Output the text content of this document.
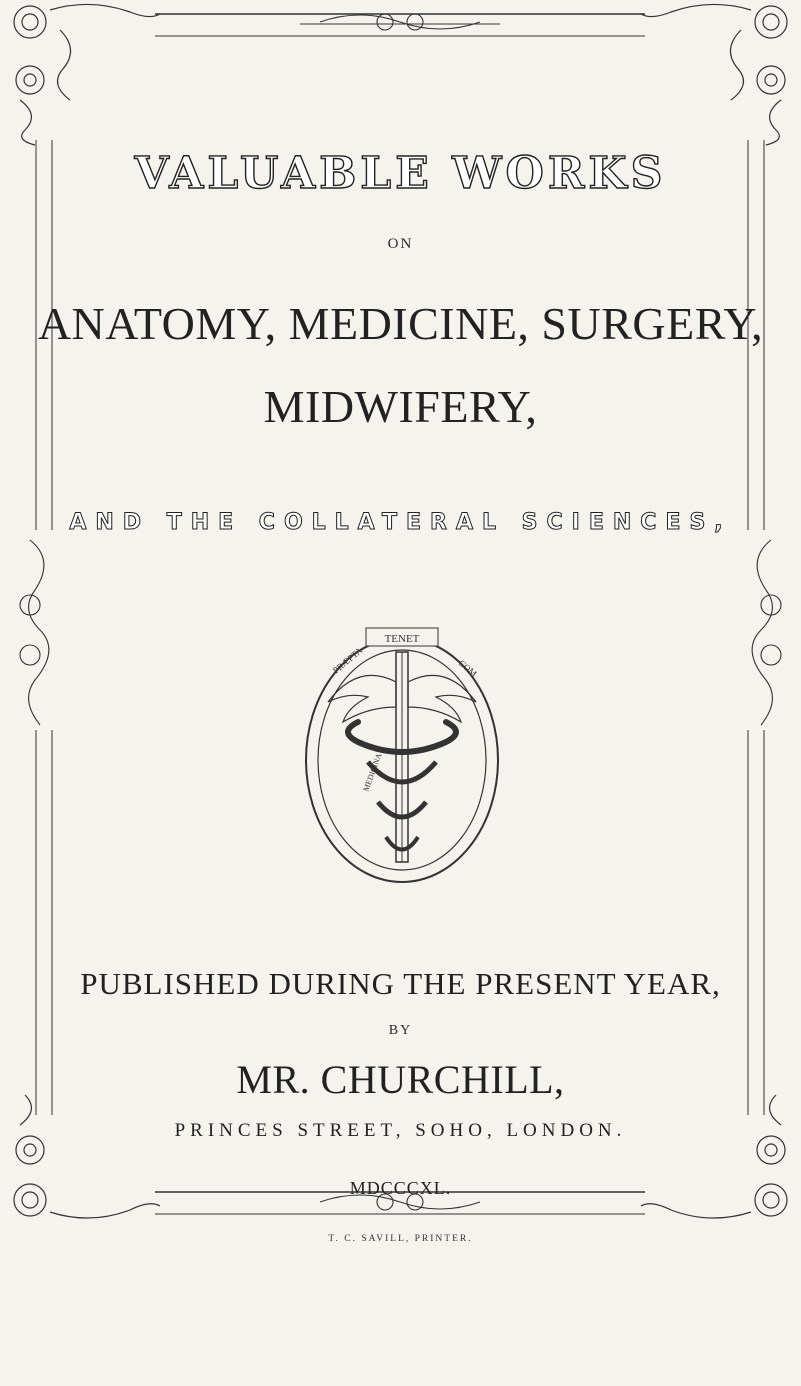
VALUABLE WORKS
ON
ANATOMY, MEDICINE, SURGERY,
MIDWIFERY,
AND THE COLLATERAL SCIENCES,
TENET
PRÆPTA	COM
MEDICINA
PUBLISHED DURING THE PRESENT YEAR,
BY
MR. CHURCHILL,
PRINCES STREET, SOHO, LONDON.
MDCCCXL.
T. C. SAVILL, PRINTER.
